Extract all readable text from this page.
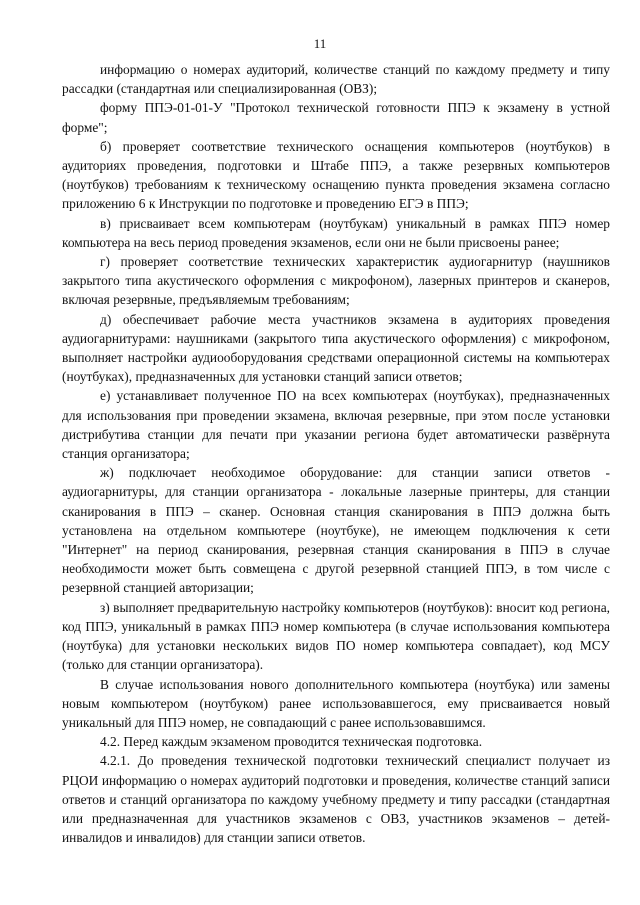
11

информацию о номерах аудиторий, количестве станций по каждому предмету и типу рассадки (стандартная или специализированная (ОВЗ);

форму ППЭ-01-01-У "Протокол технической готовности ППЭ к экзамену в устной форме";

б) проверяет соответствие технического оснащения компьютеров (ноутбуков) в аудиториях проведения, подготовки и Штабе ППЭ, а также резервных компьютеров (ноутбуков) требованиям к техническому оснащению пункта проведения экзамена согласно приложению 6 к Инструкции по подготовке и проведению ЕГЭ в ППЭ;

в) присваивает всем компьютерам (ноутбукам) уникальный в рамках ППЭ номер компьютера на весь период проведения экзаменов, если они не были присвоены ранее;

г) проверяет соответствие технических характеристик аудиогарнитур (наушников закрытого типа акустического оформления с микрофоном), лазерных принтеров и сканеров, включая резервные, предъявляемым требованиям;

д) обеспечивает рабочие места участников экзамена в аудиториях проведения аудиогарнитурами: наушниками (закрытого типа акустического оформления) с микрофоном, выполняет настройки аудиооборудования средствами операционной системы на компьютерах (ноутбуках), предназначенных для установки станций записи ответов;

е) устанавливает полученное ПО на всех компьютерах (ноутбуках), предназначенных для использования при проведении экзамена, включая резервные, при этом после установки дистрибутива станции для печати при указании региона будет автоматически развёрнута станция организатора;

ж) подключает необходимое оборудование: для станции записи ответов - аудиогарнитуры, для станции организатора - локальные лазерные принтеры, для станции сканирования в ППЭ – сканер. Основная станция сканирования в ППЭ должна быть установлена на отдельном компьютере (ноутбуке), не имеющем подключения к сети "Интернет" на период сканирования, резервная станция сканирования в ППЭ в случае необходимости может быть совмещена с другой резервной станцией ППЭ, в том числе с резервной станцией авторизации;

з) выполняет предварительную настройку компьютеров (ноутбуков): вносит код региона, код ППЭ, уникальный в рамках ППЭ номер компьютера (в случае использования компьютера (ноутбука) для установки нескольких видов ПО номер компьютера совпадает), код МСУ (только для станции организатора).

В случае использования нового дополнительного компьютера (ноутбука) или замены новым компьютером (ноутбуком) ранее использовавшегося, ему присваивается новый уникальный для ППЭ номер, не совпадающий с ранее использовавшимся.

4.2. Перед каждым экзаменом проводится техническая подготовка.

4.2.1. До проведения технической подготовки технический специалист получает из РЦОИ информацию о номерах аудиторий подготовки и проведения, количестве станций записи ответов и станций организатора по каждому учебному предмету и типу рассадки (стандартная или предназначенная для участников экзаменов с ОВЗ, участников экзаменов – детей-инвалидов и инвалидов) для станции записи ответов.
